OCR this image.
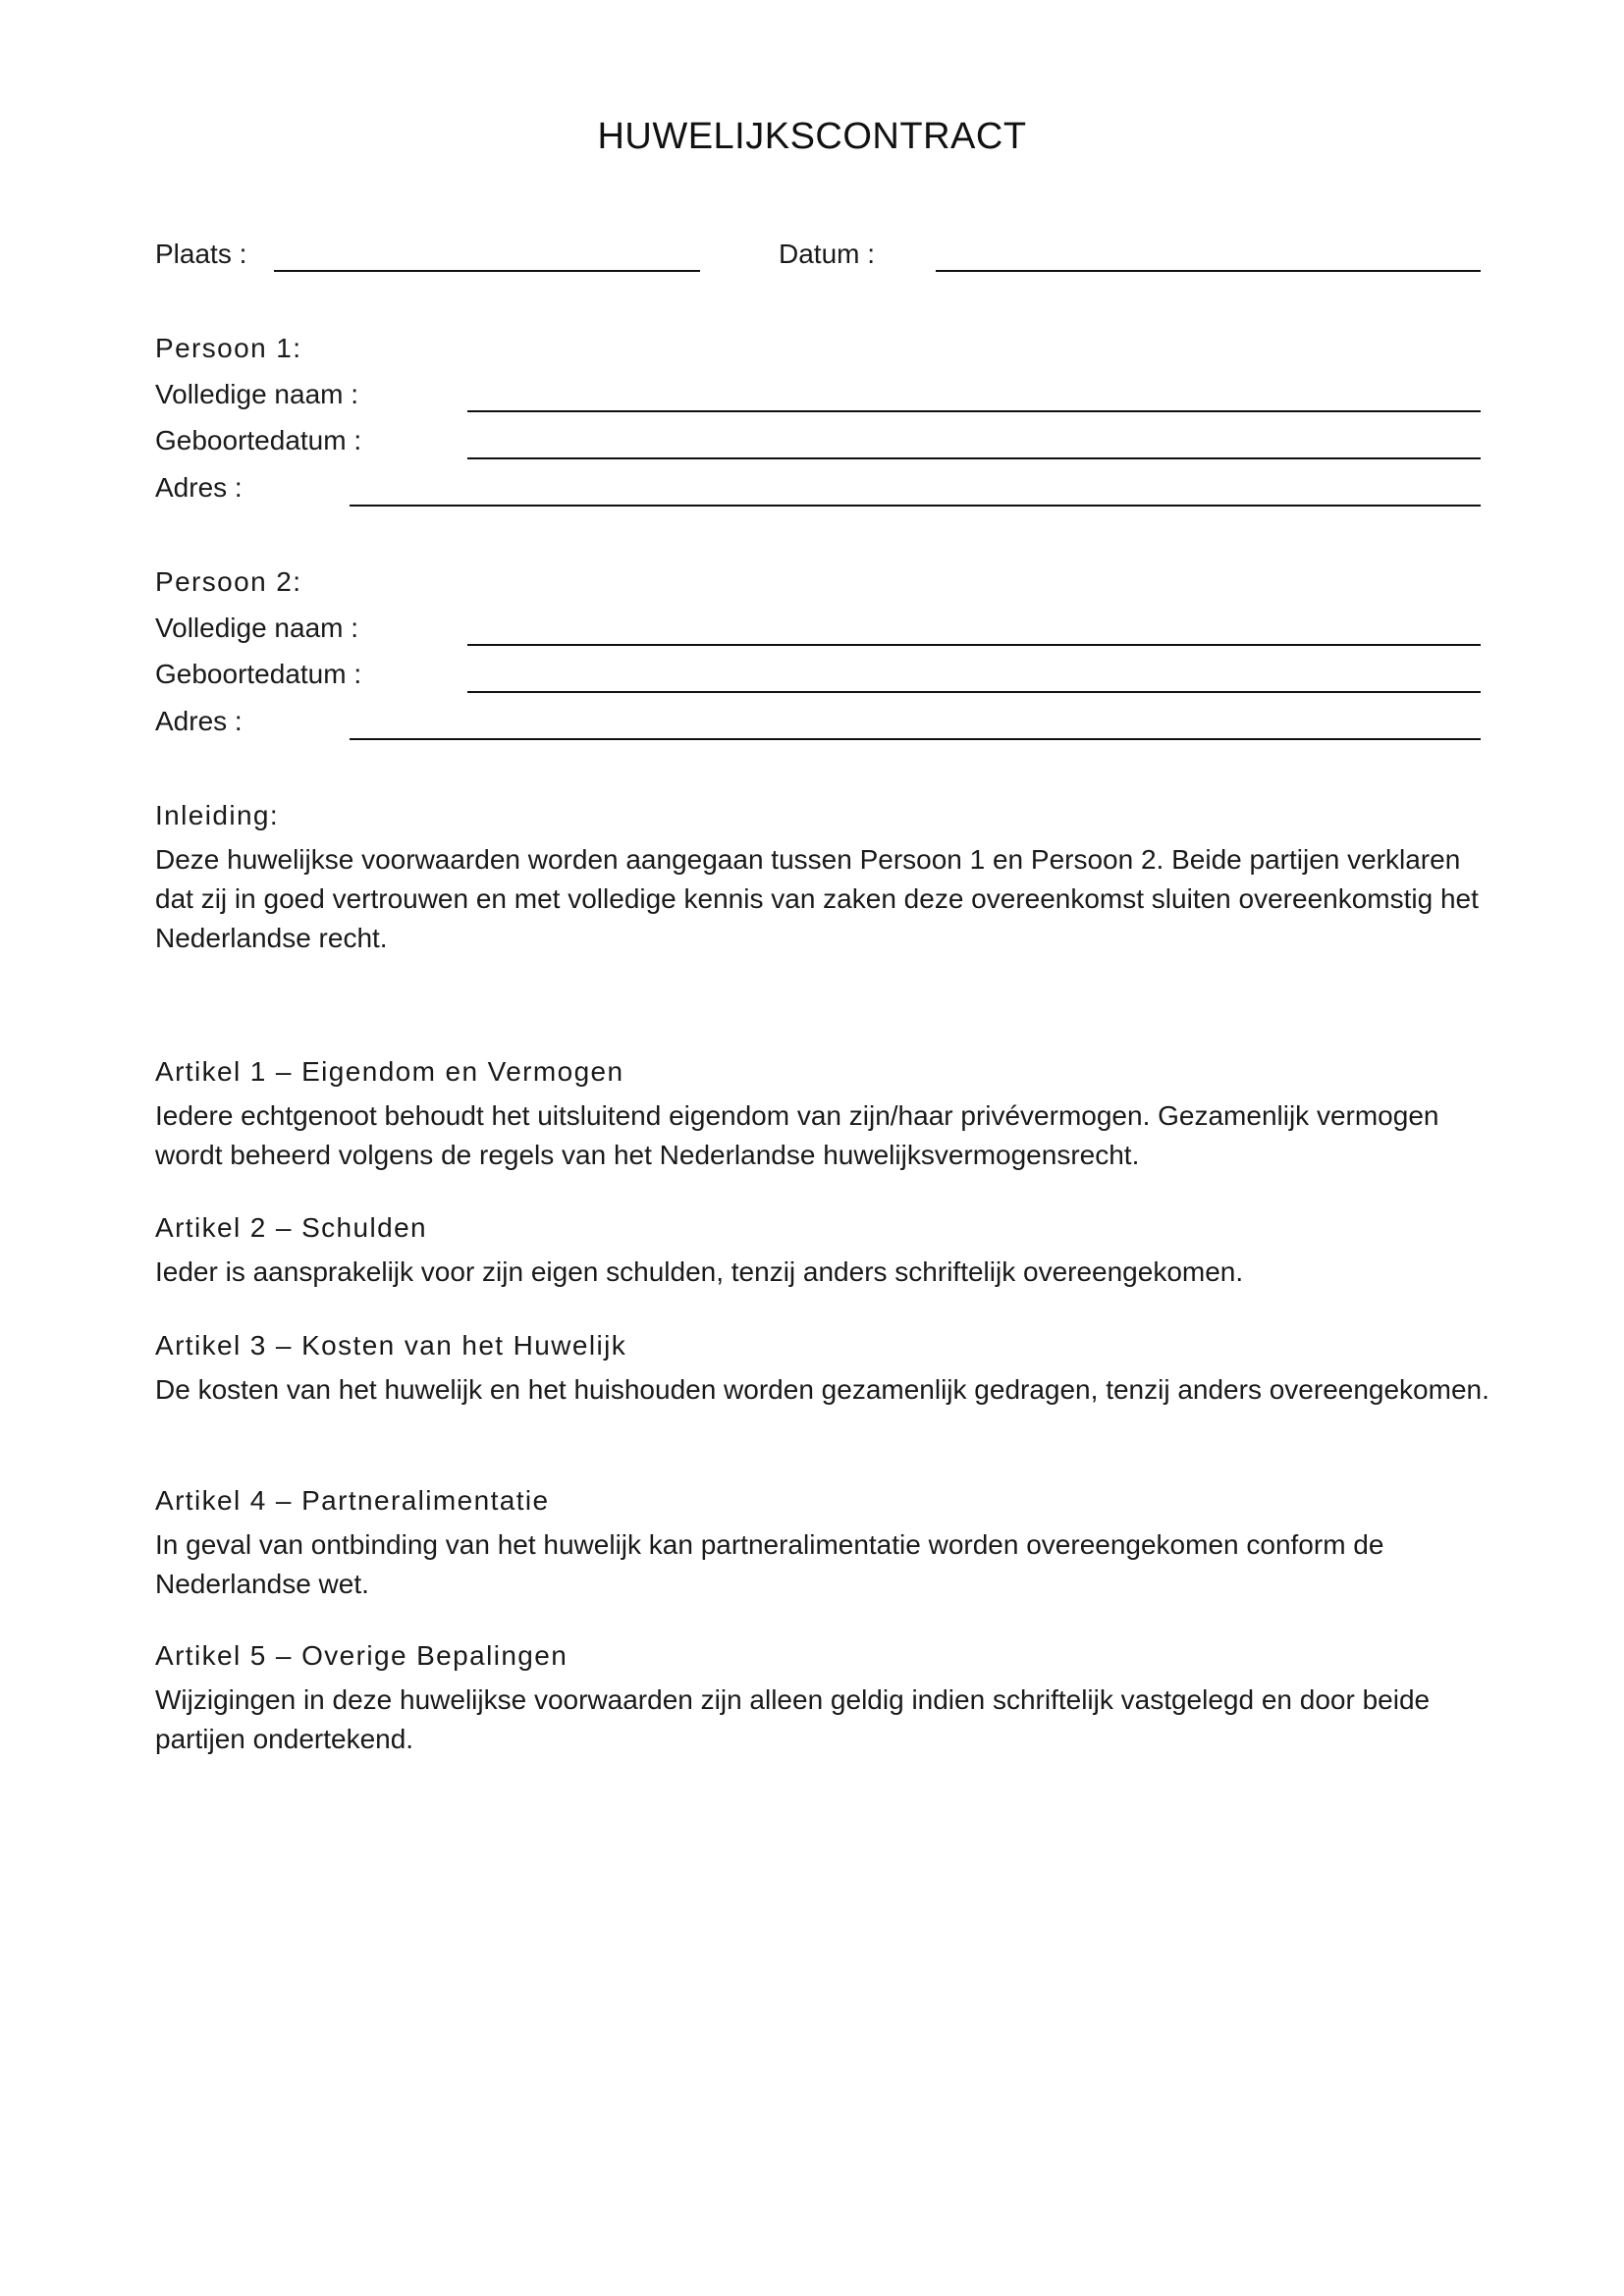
HUWELIJKSCONTRACT
Plaats :	Datum :
Persoon 1:
Volledige naam :
Geboortedatum :
Adres :
Persoon 2:
Volledige naam :
Geboortedatum :
Adres :
Inleiding:
Deze huwelijkse voorwaarden worden aangegaan tussen Persoon 1 en Persoon 2. Beide partijen verklaren dat zij in goed vertrouwen en met volledige kennis van zaken deze overeenkomst sluiten overeenkomstig het Nederlandse recht.
Artikel 1 – Eigendom en Vermogen
Iedere echtgenoot behoudt het uitsluitend eigendom van zijn/haar privévermogen. Gezamenlijk vermogen wordt beheerd volgens de regels van het Nederlandse huwelijksvermogensrecht.
Artikel 2 – Schulden
Ieder is aansprakelijk voor zijn eigen schulden, tenzij anders schriftelijk overeengekomen.
Artikel 3 – Kosten van het Huwelijk
De kosten van het huwelijk en het huishouden worden gezamenlijk gedragen, tenzij anders overeengekomen.
Artikel 4 – Partneralimentatie
In geval van ontbinding van het huwelijk kan partneralimentatie worden overeengekomen conform de Nederlandse wet.
Artikel 5 – Overige Bepalingen
Wijzigingen in deze huwelijkse voorwaarden zijn alleen geldig indien schriftelijk vastgelegd en door beide partijen ondertekend.
